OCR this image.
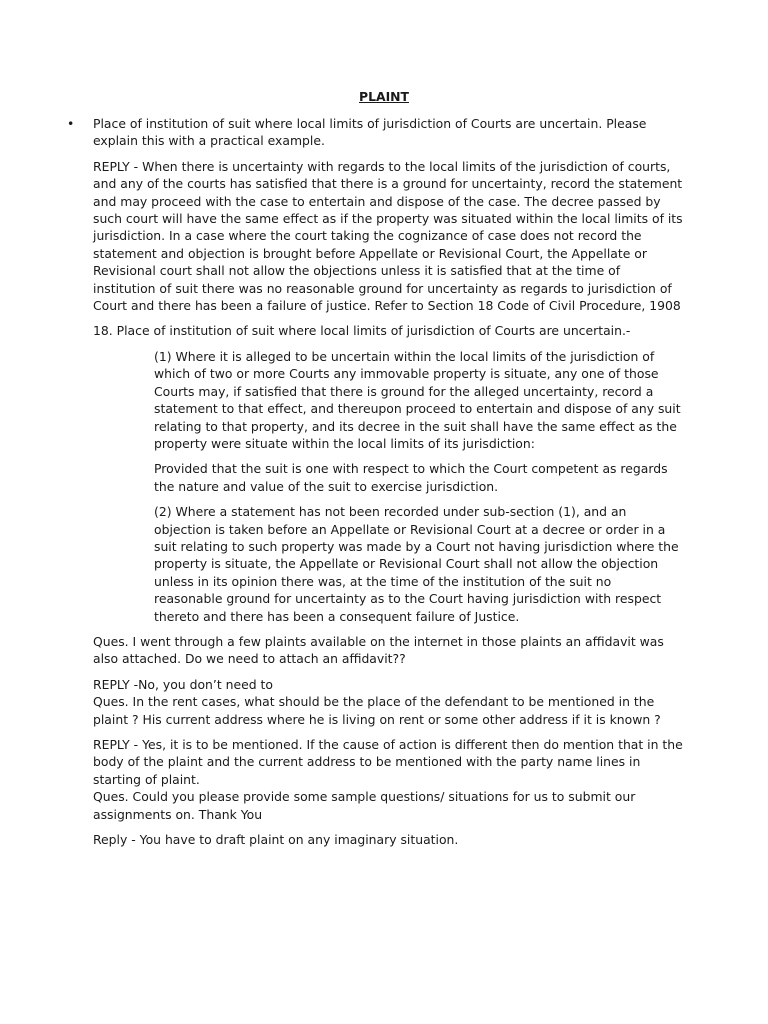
PLAINT
• Place of institution of suit where local limits of jurisdiction of Courts are uncertain. Please explain this with a practical example.

REPLY - When there is uncertainty with regards to the local limits of the jurisdiction of courts, and any of the courts has satisfied that there is a ground for uncertainty, record the statement and may proceed with the case to entertain and dispose of the case. The decree passed by such court will have the same effect as if the property was situated within the local limits of its jurisdiction. In a case where the court taking the cognizance of case does not record the statement and objection is brought before Appellate or Revisional Court, the Appellate or Revisional court shall not allow the objections unless it is satisfied that at the time of institution of suit there was no reasonable ground for uncertainty as regards to jurisdiction of Court and there has been a failure of justice. Refer to Section 18 Code of Civil Procedure, 1908

18. Place of institution of suit where local limits of jurisdiction of Courts are uncertain.-

(1) Where it is alleged to be uncertain within the local limits of the jurisdiction of which of two or more Courts any immovable property is situate, any one of those Courts may, if satisfied that there is ground for the alleged uncertainty, record a statement to that effect, and thereupon proceed to entertain and dispose of any suit relating to that property, and its decree in the suit shall have the same effect as the property were situate within the local limits of its jurisdiction:

Provided that the suit is one with respect to which the Court competent as regards the nature and value of the suit to exercise jurisdiction.

(2) Where a statement has not been recorded under sub-section (1), and an objection is taken before an Appellate or Revisional Court at a decree or order in a suit relating to such property was made by a Court not having jurisdiction where the property is situate, the Appellate or Revisional Court shall not allow the objection unless in its opinion there was, at the time of the institution of the suit no reasonable ground for uncertainty as to the Court having jurisdiction with respect thereto and there has been a consequent failure of Justice.

Ques. I went through a few plaints available on the internet in those plaints an affidavit was also attached. Do we need to attach an affidavit??

REPLY -No, you don’t need to

Ques. In the rent cases, what should be the place of the defendant to be mentioned in the plaint ? His current address where he is living on rent or some other address if it is known ?

REPLY - Yes, it is to be mentioned. If the cause of action is different then do mention that in the body of the plaint and the current address to be mentioned with the party name lines in starting of plaint.

Ques. Could you please provide some sample questions/ situations for us to submit our assignments on. Thank You

Reply - You have to draft plaint on any imaginary situation.
